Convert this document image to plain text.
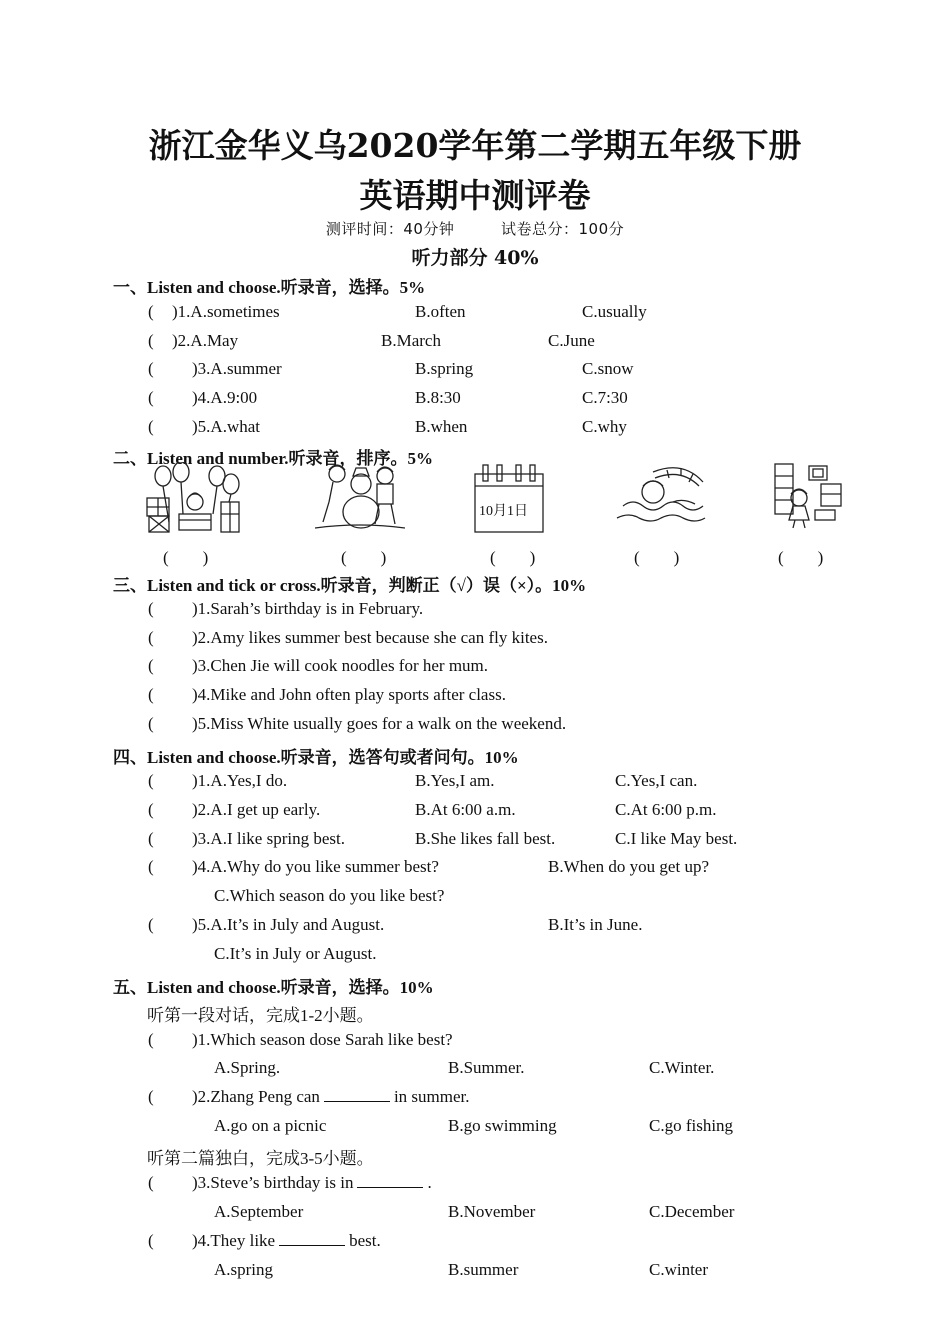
浙江金华义乌2020学年第二学期五年级下册
英语期中测评卷
测评时间：40分钟	试卷总分：100分
听力部分 40%
一、Listen and choose.听录音，选择。5%
( )1.A.sometimes	B.often	C.usually
( )2.A.May	B.March	C.June
( )3.A.summer	B.spring	C.snow
( )4.A.9:00	B.8:30	C.7:30
( )5.A.what	B.when	C.why
二、Listen and number.听录音，排序。5%
10月1日
(　　)	(　　)	(　　)	(　　)	(　　)
三、Listen and tick or cross.听录音，判断正（√）误（×）。10%
( )1.Sarah’s birthday is in February.
( )2.Amy likes summer best because she can fly kites.
( )3.Chen Jie will cook noodles for her mum.
( )4.Mike and John often play sports after class.
( )5.Miss White usually goes for a walk on the weekend.
四、Listen and choose.听录音，选答句或者问句。10%
( )1.A.Yes,I do.	B.Yes,I am.	C.Yes,I can.
( )2.A.I get up early.	B.At 6:00 a.m.	C.At 6:00 p.m.
( )3.A.I like spring best.	B.She likes fall best.	C.I like May best.
( )4.A.Why do you like summer best?	B.When do you get up?
C.Which season do you like best?
( )5.A.It’s in July and August.	B.It’s in June.
C.It’s in July or August.
五、Listen and choose.听录音，选择。10%
听第一段对话，完成1-2小题。
( )1.Which season dose Sarah like best?
A.Spring.	B.Summer.	C.Winter.
( )2.Zhang Peng can	in summer.
A.go on a picnic	B.go swimming	C.go fishing
听第二篇独白，完成3-5小题。
( )3.Steve’s birthday is in	.
A.September	B.November	C.December
( )4.They like	best.
A.spring	B.summer	C.winter
